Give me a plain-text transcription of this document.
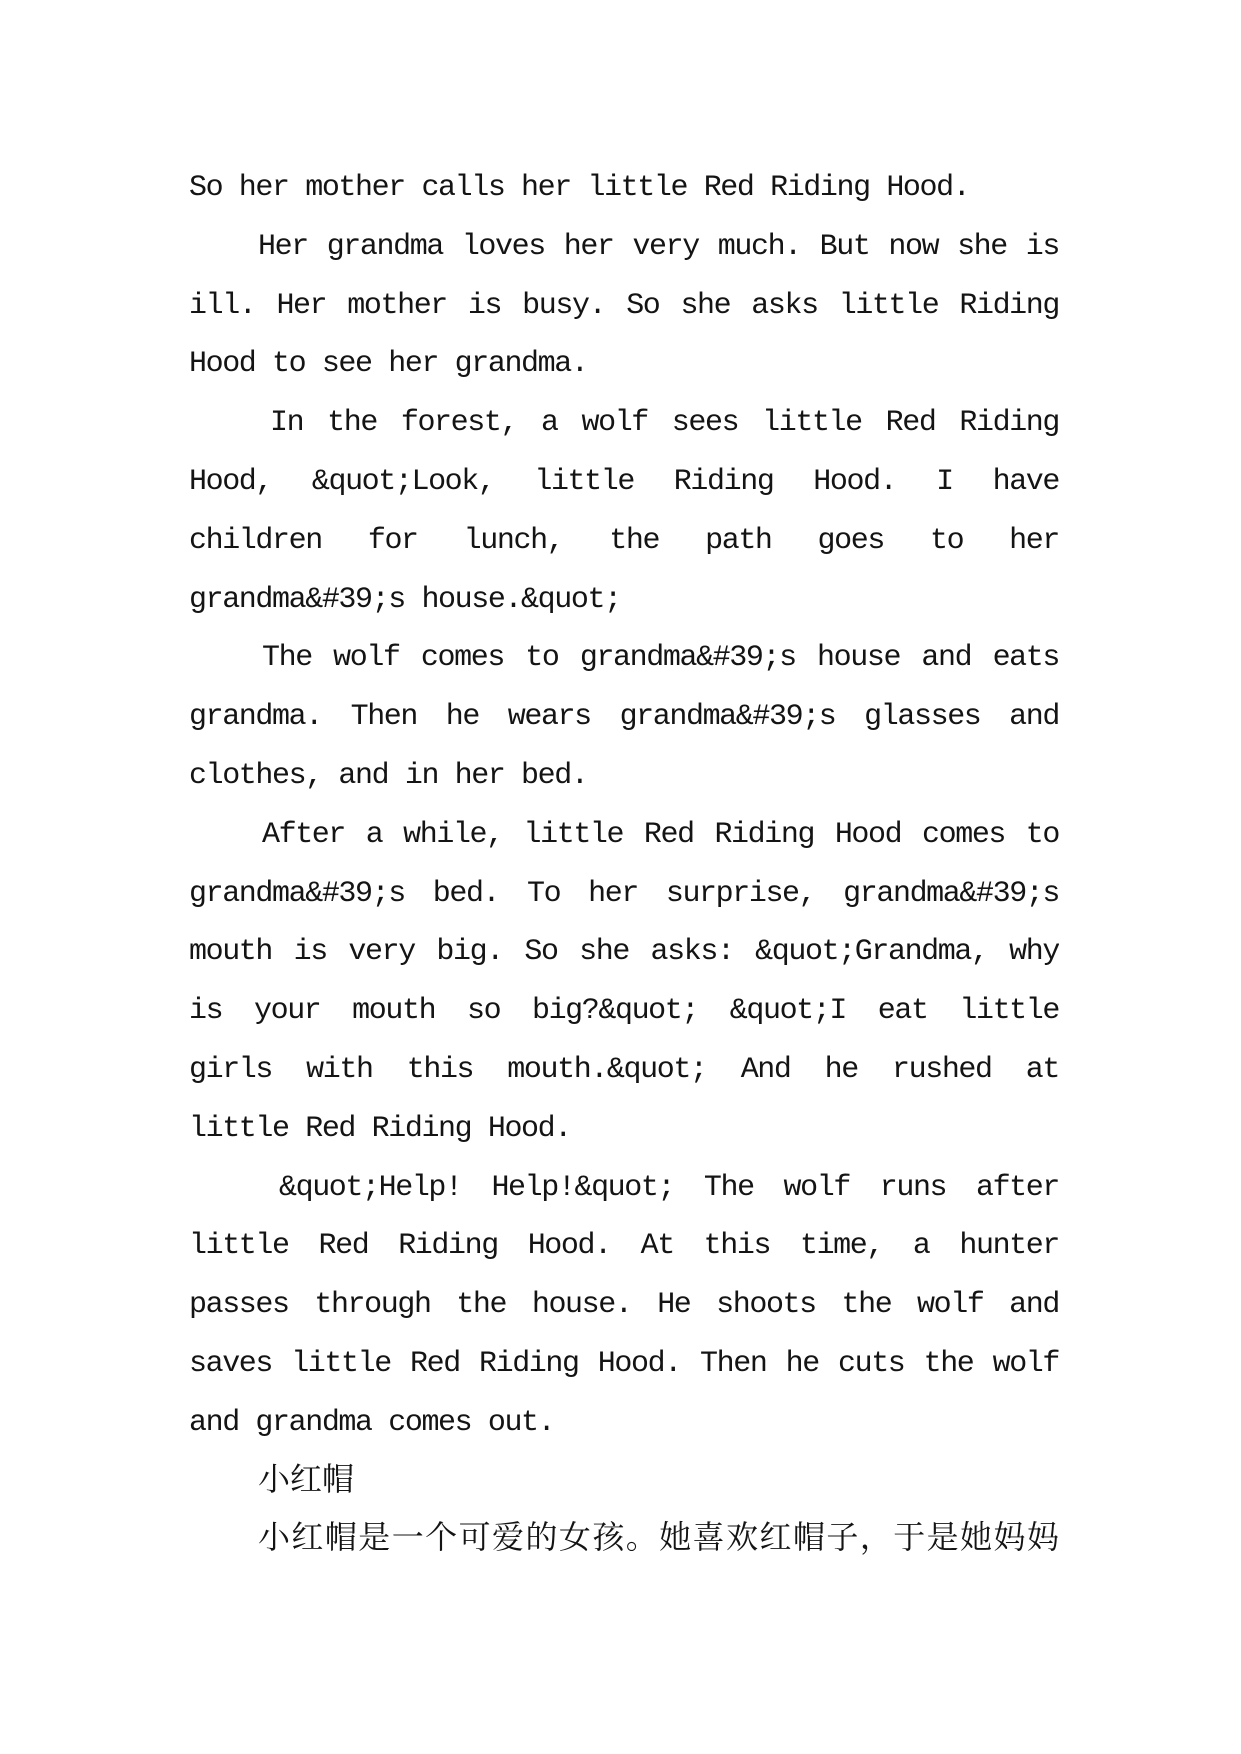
So her mother calls her little Red Riding Hood.
Her grandma loves her very much. But now she is
ill. Her mother is busy. So she asks little Riding
Hood to see her grandma.
In the forest, a wolf sees little Red Riding
Hood, &quot;Look, little Riding Hood. I have
children for lunch, the path goes to her
grandma&#39;s house.&quot;
The wolf comes to grandma&#39;s house and eats
grandma. Then he wears grandma&#39;s glasses and
clothes, and in her bed.
After a while, little Red Riding Hood comes to
grandma&#39;s bed. To her surprise, grandma&#39;s
mouth is very big. So she asks: &quot;Grandma, why
is your mouth so big?&quot; &quot;I eat little
girls with this mouth.&quot; And he rushed at
little Red Riding Hood.
&quot;Help! Help!&quot; The wolf runs after
little Red Riding Hood. At this time, a hunter
passes through the house. He shoots the wolf and
saves little Red Riding Hood. Then he cuts the wolf
and grandma comes out.
小红帽
小红帽是一个可爱的女孩。她喜欢红帽子，于是她妈妈
